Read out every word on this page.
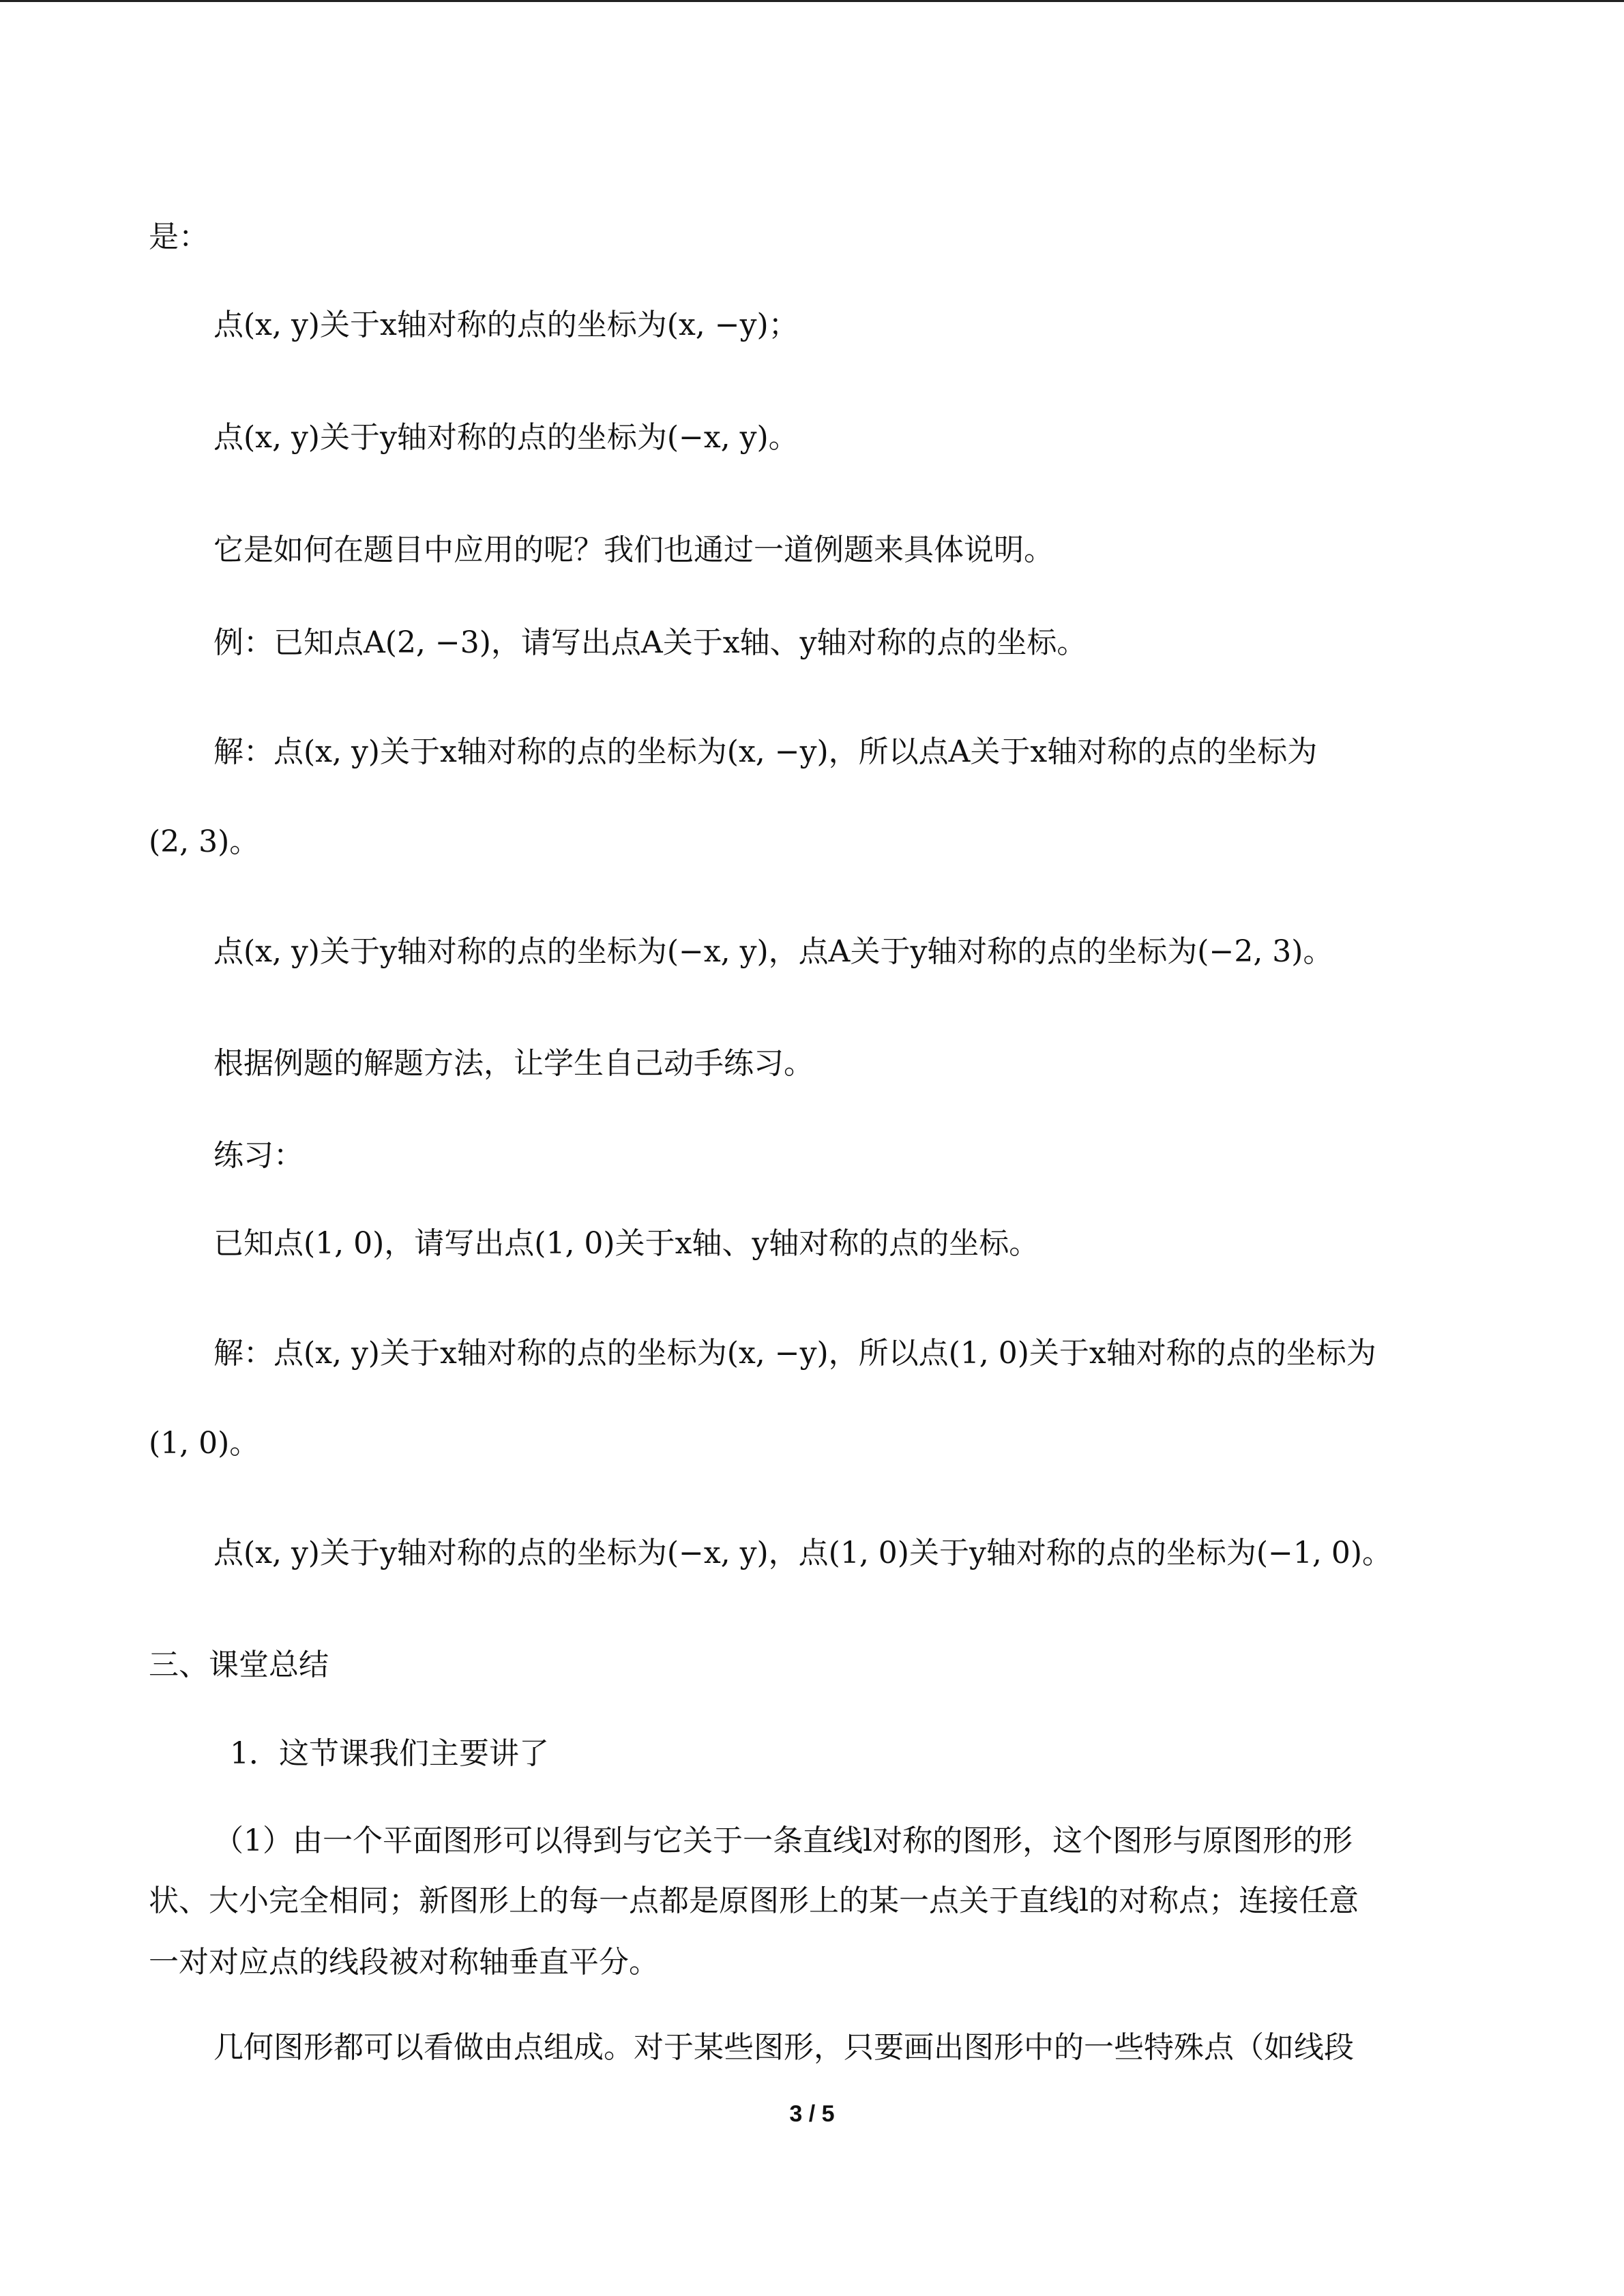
是：
点(x, y)关于x轴对称的点的坐标为(x, −y)；
点(x, y)关于y轴对称的点的坐标为(−x, y)。
它是如何在题目中应用的呢？我们也通过一道例题来具体说明。
例：已知点A(2, −3)，请写出点A关于x轴、y轴对称的点的坐标。
解：点(x, y)关于x轴对称的点的坐标为(x, −y)，所以点A关于x轴对称的点的坐标为
(2, 3)。
点(x, y)关于y轴对称的点的坐标为(−x, y)，点A关于y轴对称的点的坐标为(−2, 3)。
根据例题的解题方法，让学生自己动手练习。
练习：
已知点(1, 0)，请写出点(1, 0)关于x轴、y轴对称的点的坐标。
解：点(x, y)关于x轴对称的点的坐标为(x, −y)，所以点(1, 0)关于x轴对称的点的坐标为
(1, 0)。
点(x, y)关于y轴对称的点的坐标为(−x, y)，点(1, 0)关于y轴对称的点的坐标为(−1, 0)。
三、课堂总结
1．这节课我们主要讲了
（1）由一个平面图形可以得到与它关于一条直线l对称的图形，这个图形与原图形的形
状、大小完全相同；新图形上的每一点都是原图形上的某一点关于直线l的对称点；连接任意
一对对应点的线段被对称轴垂直平分。
几何图形都可以看做由点组成。对于某些图形，只要画出图形中的一些特殊点（如线段
3 / 5
